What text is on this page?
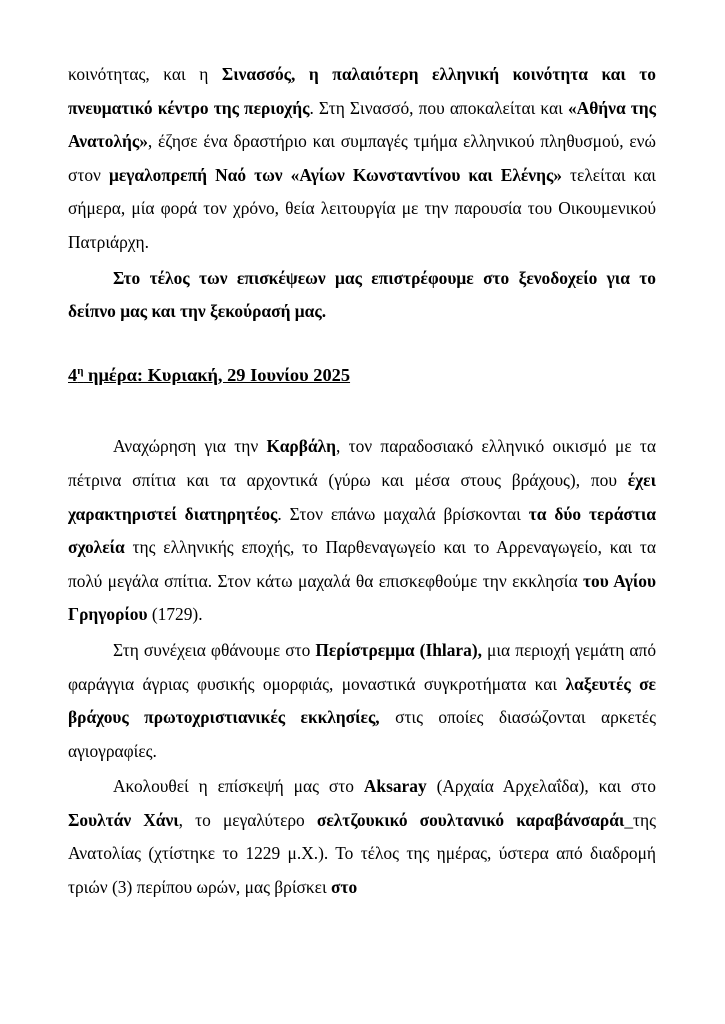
κοινότητας, και η Σινασσός, η παλαιότερη ελληνική κοινότητα και το πνευματικό κέντρο της περιοχής. Στη Σινασσό, που αποκαλείται και «Αθήνα της Ανατολής», έζησε ένα δραστήριο και συμπαγές τμήμα ελληνικού πληθυσμού, ενώ στον μεγαλοπρεπή Ναό των «Αγίων Κωνσταντίνου και Ελένης» τελείται και σήμερα, μία φορά τον χρόνο, θεία λειτουργία με την παρουσία του Οικουμενικού Πατριάρχη.

Στο τέλος των επισκέψεων μας επιστρέφουμε στο ξενοδοχείο για το δείπνο μας και την ξεκούρασή μας.

$4^\eta$ ημέρα: Κυριακή, 29 Ιουνίου 2025

Αναχώρηση για την Καρβάλη, τον παραδοσιακό ελληνικό οικισμό με τα πέτρινα σπίτια και τα αρχοντικά (γύρω και μέσα στους βράχους), που έχει χαρακτηριστεί διατηρητέος. Στον επάνω μαχαλά βρίσκονται τα δύο τεράστια σχολεία της ελληνικής εποχής, το Παρθεναγωγείο και το Αρρεναγωγείο, και τα πολύ μεγάλα σπίτια. Στον κάτω μαχαλά θα επισκεφθούμε την εκκλησία του Αγίου Γρηγορίου (1729).

Στη συνέχεια φθάνουμε στο Περίστρεμμα (Ihlara), μια περιοχή γεμάτη από φαράγγια άγριας φυσικής ομορφιάς, μοναστικά συγκροτήματα και λαξευτές σε βράχους πρωτοχριστιανικές εκκλησίες, στις οποίες διασώζονται αρκετές αγιογραφίες.

Ακολουθεί η επίσκεψή μας στο Aksaray (Αρχαία Αρχελαΐδα), και στο Σουλτάν Χάνι, το μεγαλύτερο σελτζουκικό σουλτανικό καραβάνσαράι_της Ανατολίας (χτίστηκε το 1229 μ.Χ.). Το τέλος της ημέρας, ύστερα από διαδρομή τριών (3) περίπου ωρών, μας βρίσκει στο
